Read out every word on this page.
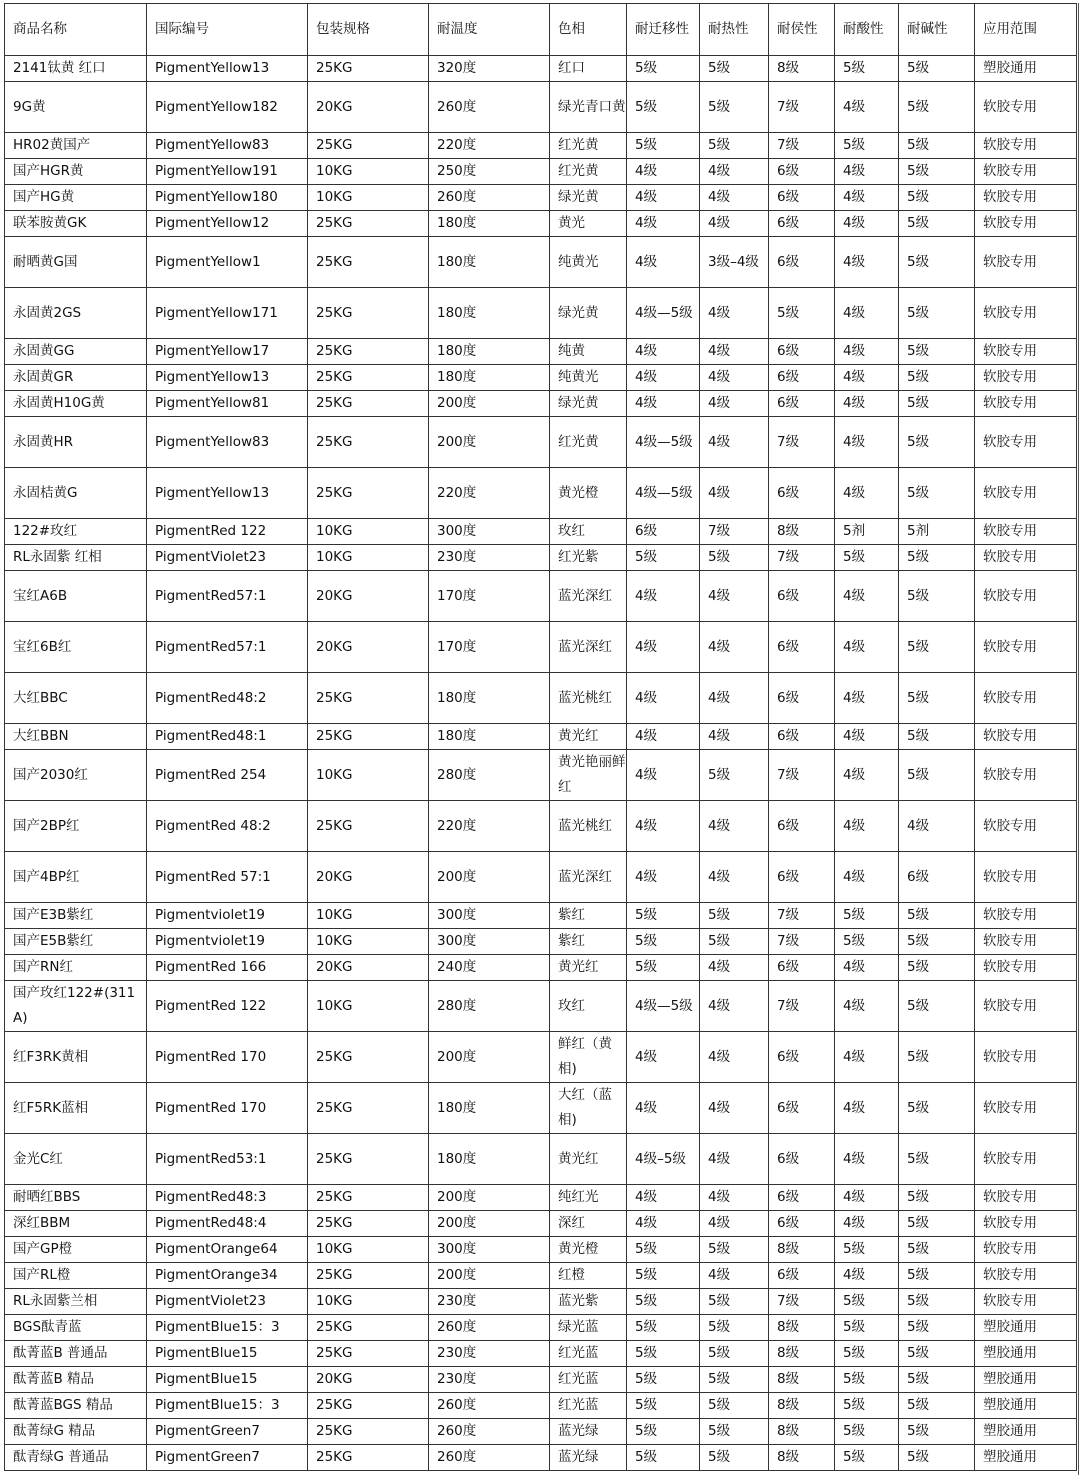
商品名称	国际编号	包装规格	耐温度	色相	耐迁移性	耐热性	耐侯性	耐酸性	耐碱性	应用范围
2141钛黄 红口	PigmentYellow13	25KG	320度	红口	5级	5级	8级	5级	5级	塑胶通用
9G黄	PigmentYellow182	20KG	260度	绿光青口黄	5级	5级	7级	4级	5级	软胶专用
HR02黄国产	PigmentYellow83	25KG	220度	红光黄	5级	5级	7级	5级	5级	软胶专用
国产HGR黄	PigmentYellow191	10KG	250度	红光黄	4级	4级	6级	4级	5级	软胶专用
国产HG黄	PigmentYellow180	10KG	260度	绿光黄	4级	4级	6级	4级	5级	软胶专用
联苯胺黄GK	PigmentYellow12	25KG	180度	黄光	4级	4级	6级	4级	5级	软胶专用
耐晒黄G国	PigmentYellow1	25KG	180度	纯黄光	4级	3级–4级	6级	4级	5级	软胶专用
永固黄2GS	PigmentYellow171	25KG	180度	绿光黄	4级—5级	4级	5级	4级	5级	软胶专用
永固黄GG	PigmentYellow17	25KG	180度	纯黄	4级	4级	6级	4级	5级	软胶专用
永固黄GR	PigmentYellow13	25KG	180度	纯黄光	4级	4级	6级	4级	5级	软胶专用
永固黄H10G黄	PigmentYellow81	25KG	200度	绿光黄	4级	4级	6级	4级	5级	软胶专用
永固黄HR	PigmentYellow83	25KG	200度	红光黄	4级—5级	4级	7级	4级	5级	软胶专用
永固桔黄G	PigmentYellow13	25KG	220度	黄光橙	4级—5级	4级	6级	4级	5级	软胶专用
122#玫红	PigmentRed 122	10KG	300度	玫红	6级	7级	8级	5剂	5剂	软胶专用
RL永固紫 红相	PigmentViolet23	10KG	230度	红光紫	5级	5级	7级	5级	5级	软胶专用
宝红A6B	PigmentRed57:1	20KG	170度	蓝光深红	4级	4级	6级	4级	5级	软胶专用
宝红6B红	PigmentRed57:1	20KG	170度	蓝光深红	4级	4级	6级	4级	5级	软胶专用
大红BBC	PigmentRed48:2	25KG	180度	蓝光桃红	4级	4级	6级	4级	5级	软胶专用
大红BBN	PigmentRed48:1	25KG	180度	黄光红	4级	4级	6级	4级	5级	软胶专用
国产2030红	PigmentRed 254	10KG	280度	黄光艳丽鲜红	4级	5级	7级	4级	5级	软胶专用
国产2BP红	PigmentRed 48:2	25KG	220度	蓝光桃红	4级	4级	6级	4级	4级	软胶专用
国产4BP红	PigmentRed 57:1	20KG	200度	蓝光深红	4级	4级	6级	4级	6级	软胶专用
国产E3B紫红	Pigmentviolet19	10KG	300度	紫红	5级	5级	7级	5级	5级	软胶专用
国产E5B紫红	Pigmentviolet19	10KG	300度	紫红	5级	5级	7级	5级	5级	软胶专用
国产RN红	PigmentRed 166	20KG	240度	黄光红	5级	4级	6级	4级	5级	软胶专用
国产玫红122#(311A)	PigmentRed 122	10KG	280度	玫红	4级—5级	4级	7级	4级	5级	软胶专用
红F3RK黄相	PigmentRed 170	25KG	200度	鲜红（黄相)	4级	4级	6级	4级	5级	软胶专用
红F5RK蓝相	PigmentRed 170	25KG	180度	大红（蓝相)	4级	4级	6级	4级	5级	软胶专用
金光C红	PigmentRed53:1	25KG	180度	黄光红	4级–5级	4级	6级	4级	5级	软胶专用
耐晒红BBS	PigmentRed48:3	25KG	200度	纯红光	4级	4级	6级	4级	5级	软胶专用
深红BBM	PigmentRed48:4	25KG	200度	深红	4级	4级	6级	4级	5级	软胶专用
国产GP橙	PigmentOrange64	10KG	300度	黄光橙	5级	5级	8级	5级	5级	软胶专用
国产RL橙	PigmentOrange34	25KG	200度	红橙	5级	4级	6级	4级	5级	软胶专用
RL永固紫兰相	PigmentViolet23	10KG	230度	蓝光紫	5级	5级	7级	5级	5级	软胶专用
BGS酞青蓝	PigmentBlue15：3	25KG	260度	绿光蓝	5级	5级	8级	5级	5级	塑胶通用
酞菁蓝B 普通品	PigmentBlue15	25KG	230度	红光蓝	5级	5级	8级	5级	5级	塑胶通用
酞菁蓝B 精品	PigmentBlue15	20KG	230度	红光蓝	5级	5级	8级	5级	5级	塑胶通用
酞菁蓝BGS 精品	PigmentBlue15：3	25KG	260度	红光蓝	5级	5级	8级	5级	5级	塑胶通用
酞菁绿G 精品	PigmentGreen7	25KG	260度	蓝光绿	5级	5级	8级	5级	5级	塑胶通用
酞青绿G 普通品	PigmentGreen7	25KG	260度	蓝光绿	5级	5级	8级	5级	5级	塑胶通用
